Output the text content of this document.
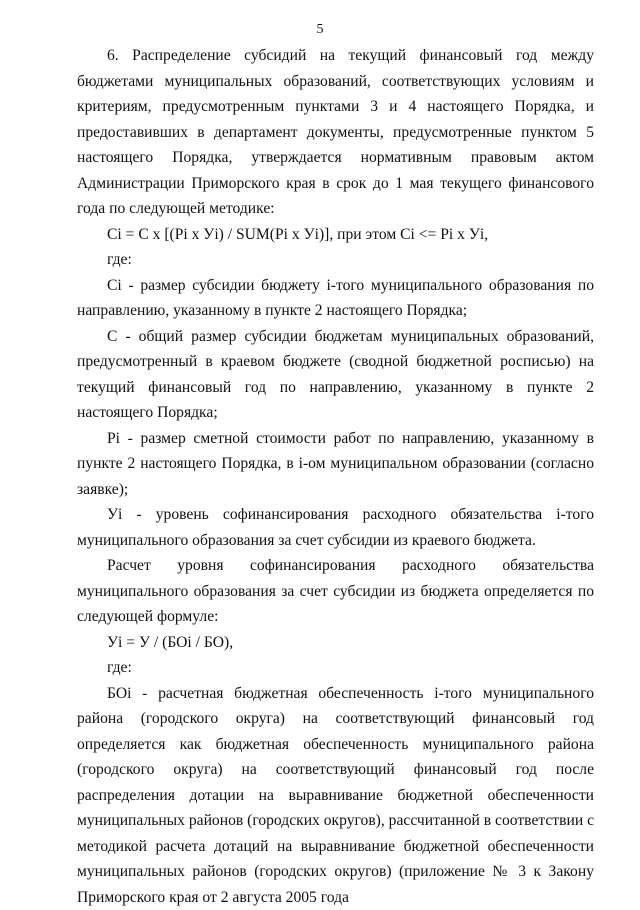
5

6. Распределение субсидий на текущий финансовый год между бюджетами муниципальных образований, соответствующих условиям и критериям, предусмотренным пунктами 3 и 4 настоящего Порядка, и предоставивших в департамент документы, предусмотренные пунктом 5 настоящего Порядка, утверждается нормативным правовым актом Администрации Приморского края в срок до 1 мая текущего финансового года по следующей методике:

Ci = C x [(Pi x Уi) / SUM(Pi x Уi)], при этом Ci <= Pi x Уi,

где:

Ci - размер субсидии бюджету i-того муниципального образования по направлению, указанному в пункте 2 настоящего Порядка;

C - общий размер субсидии бюджетам муниципальных образований, предусмотренный в краевом бюджете (сводной бюджетной росписью) на текущий финансовый год по направлению, указанному в пункте 2 настоящего Порядка;

Pi - размер сметной стоимости работ по направлению, указанному в пункте 2 настоящего Порядка, в i-ом муниципальном образовании (согласно заявке);

Уi - уровень софинансирования расходного обязательства i-того муниципального образования за счет субсидии из краевого бюджета.

Расчет уровня софинансирования расходного обязательства муниципального образования за счет субсидии из бюджета определяется по следующей формуле:

Уi = У / (БОi / БО),

где:

БОi - расчетная бюджетная обеспеченность i-того муниципального района (городского округа) на соответствующий финансовый год определяется как бюджетная обеспеченность муниципального района (городского округа) на соответствующий финансовый год после распределения дотации на выравнивание бюджетной обеспеченности муниципальных районов (городских округов), рассчитанной в соответствии с методикой расчета дотаций на выравнивание бюджетной обеспеченности муниципальных районов (городских округов) (приложение № 3 к Закону Приморского края от 2 августа 2005 года
